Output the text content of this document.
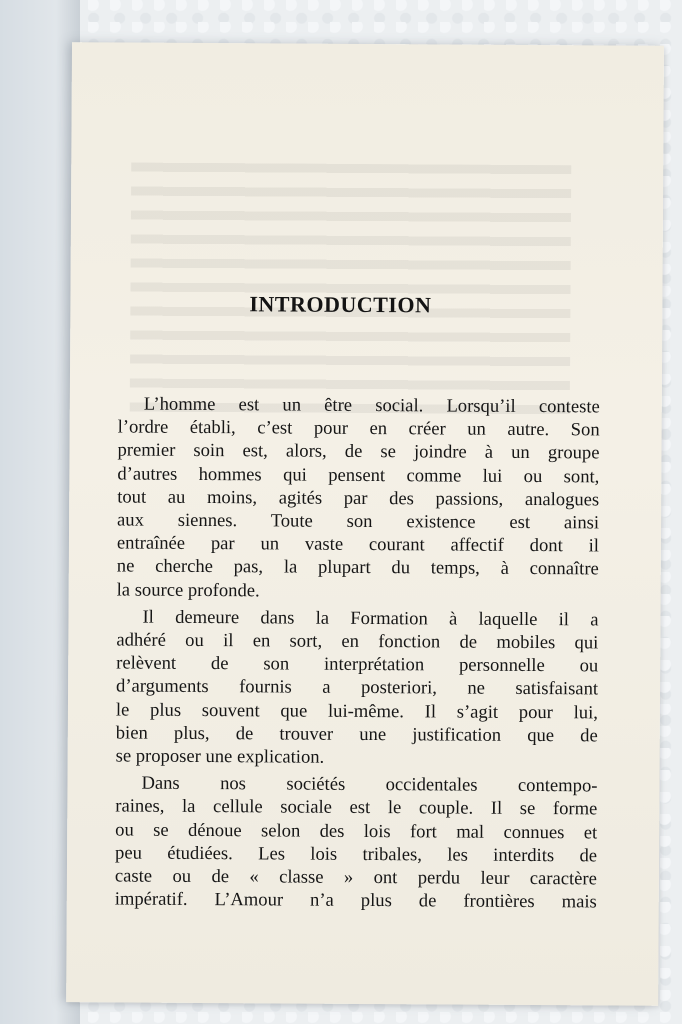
INTRODUCTION

L’homme est un être social. Lorsqu’il conteste
l’ordre établi, c’est pour en créer un autre. Son
premier soin est, alors, de se joindre à un groupe
d’autres hommes qui pensent comme lui ou sont,
tout au moins, agités par des passions, analogues
aux siennes. Toute son existence est ainsi
entraînée par un vaste courant affectif dont il
ne cherche pas, la plupart du temps, à connaître
la source profonde.

Il demeure dans la Formation à laquelle il a
adhéré ou il en sort, en fonction de mobiles qui
relèvent de son interprétation personnelle ou
d’arguments fournis a posteriori, ne satisfaisant
le plus souvent que lui-même. Il s’agit pour lui,
bien plus, de trouver une justification que de
se proposer une explication.

Dans nos sociétés occidentales contempo-
raines, la cellule sociale est le couple. Il se forme
ou se dénoue selon des lois fort mal connues et
peu étudiées. Les lois tribales, les interdits de
caste ou de « classe » ont perdu leur caractère
impératif. L’Amour n’a plus de frontières mais
